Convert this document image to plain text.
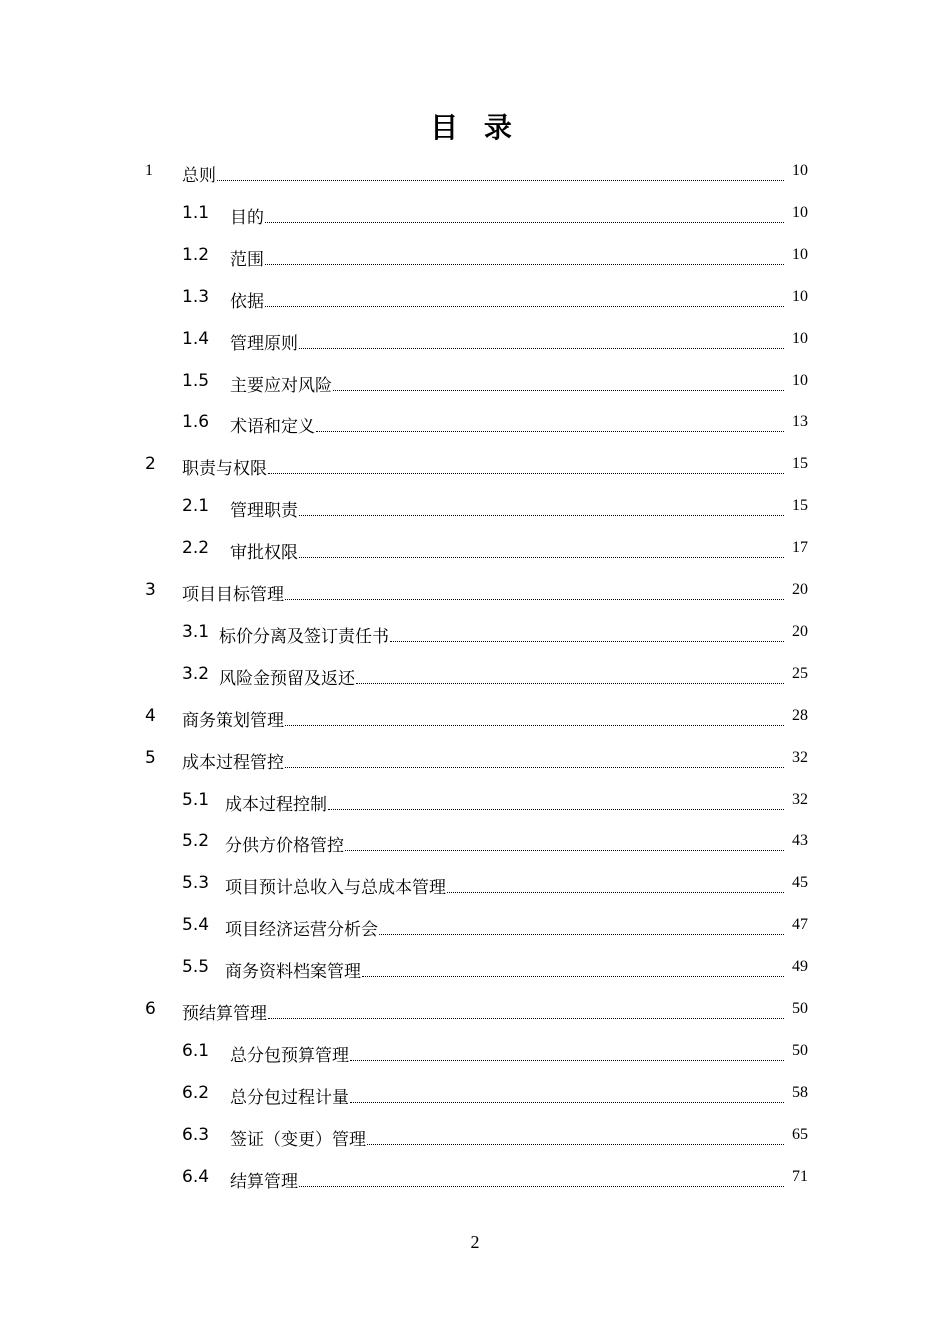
目 录
1 总则	10
1.1 目的	10
1.2 范围	10
1.3 依据	10
1.4 管理原则	10
1.5 主要应对风险	10
1.6 术语和定义	13
2 职责与权限	15
2.1 管理职责	15
2.2 审批权限	17
3 项目目标管理	20
3.1 标价分离及签订责任书	20
3.2 风险金预留及返还	25
4 商务策划管理	28
5 成本过程管控	32
5.1 成本过程控制	32
5.2 分供方价格管控	43
5.3 项目预计总收入与总成本管理	45
5.4 项目经济运营分析会	47
5.5 商务资料档案管理	49
6 预结算管理	50
6.1 总分包预算管理	50
6.2 总分包过程计量	58
6.3 签证（变更）管理	65
6.4 结算管理	71
2
